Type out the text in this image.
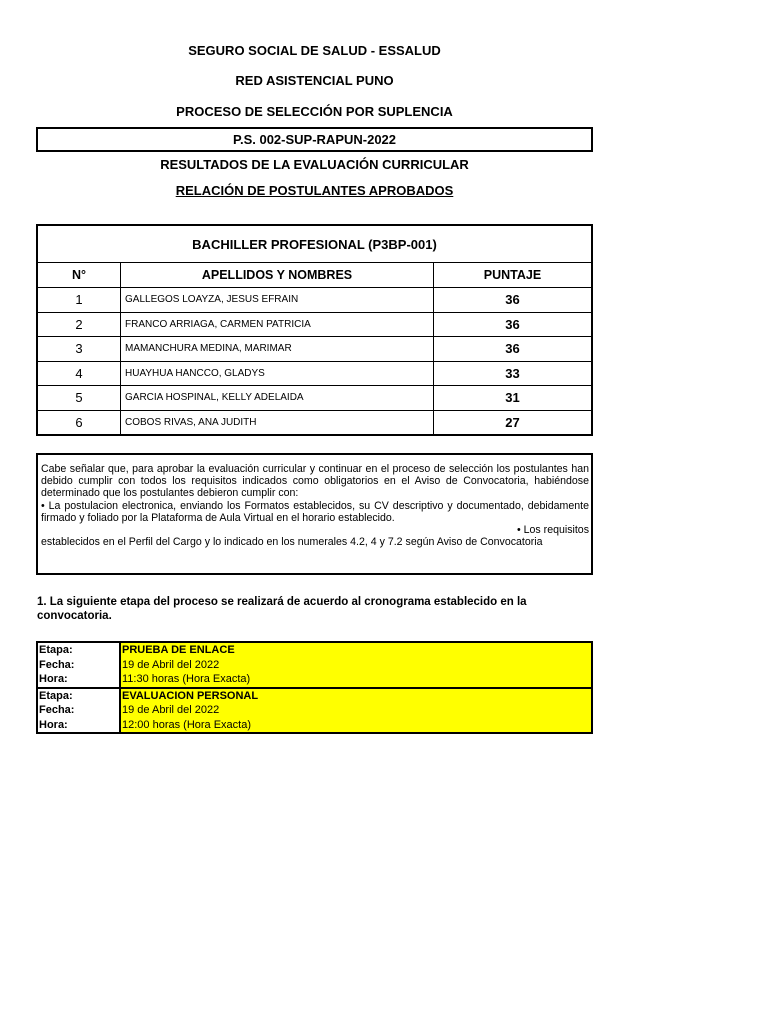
SEGURO SOCIAL DE SALUD - ESSALUD
RED ASISTENCIAL PUNO
PROCESO DE SELECCIÓN POR SUPLENCIA
P.S. 002-SUP-RAPUN-2022
RESULTADOS DE LA EVALUACIÓN CURRICULAR
RELACIÓN DE POSTULANTES APROBADOS
BACHILLER PROFESIONAL (P3BP-001)		
N°	APELLIDOS Y NOMBRES	PUNTAJE
1	GALLEGOS LOAYZA, JESUS EFRAIN	36
2	FRANCO ARRIAGA, CARMEN PATRICIA	36
3	MAMANCHURA MEDINA, MARIMAR	36
4	HUAYHUA HANCCO, GLADYS	33
5	GARCIA HOSPINAL, KELLY ADELAIDA	31
6	COBOS RIVAS, ANA JUDITH	27

Cabe señalar que, para aprobar la evaluación curricular y continuar en el proceso de selección los postulantes han debido cumplir con todos los requisitos indicados como obligatorios en el Aviso de Convocatoria, habiéndose determinado que los postulantes debieron cumplir con:

• La postulacion electronica, enviando los Formatos establecidos, su CV descriptivo y documentado, debidamente firmado y foliado por la Plataforma de Aula Virtual en el horario establecido.

• Los requisitos

establecidos en el Perfil del Cargo y lo indicado en los numerales 4.2, 4 y 7.2 según Aviso de Convocatoria

1. La siguiente etapa del proceso se realizará de acuerdo al cronograma establecido en la convocatoria.
Etapa:	PRUEBA DE ENLACE
Fecha:	19 de Abril del 2022
Hora:	11:30 horas (Hora Exacta)
Etapa:	EVALUACION PERSONAL
Fecha:	19 de Abril del 2022
Hora:	12:00 horas (Hora Exacta)
